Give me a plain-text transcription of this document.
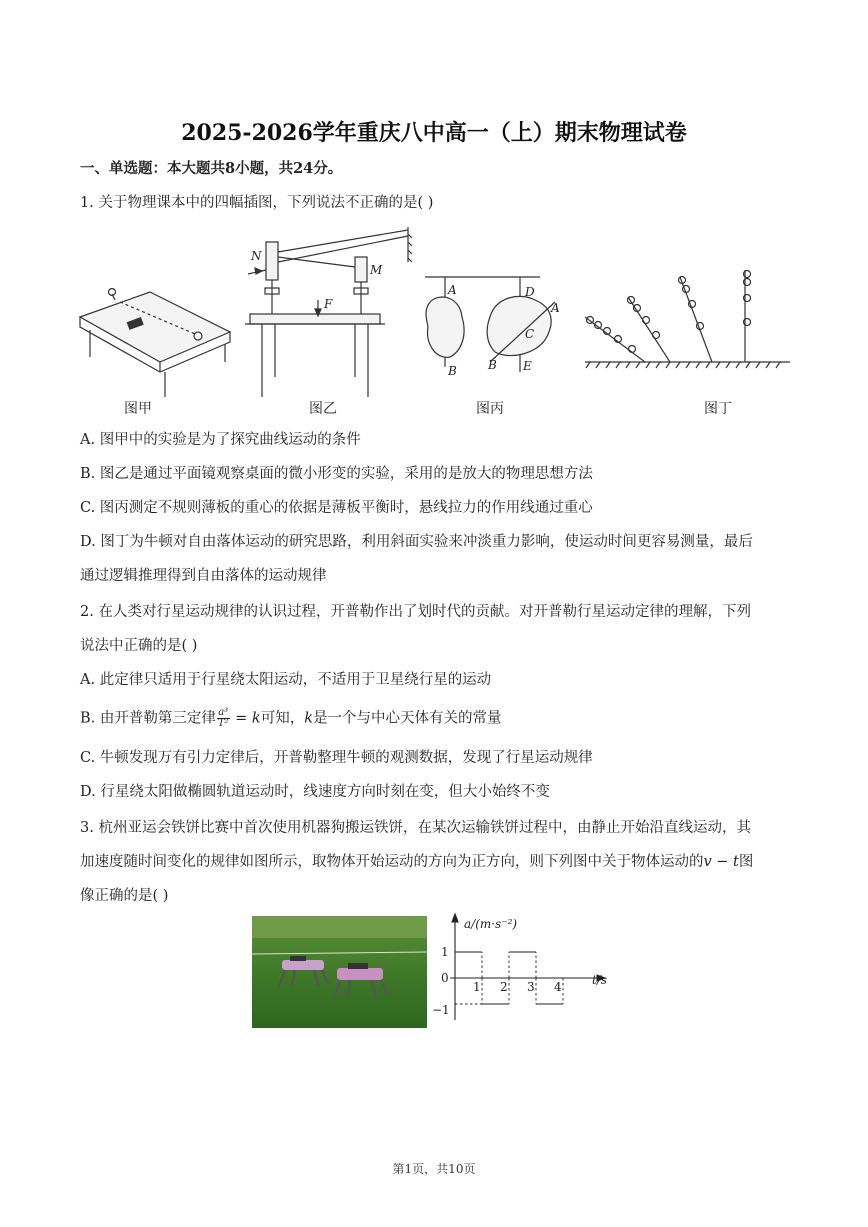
2025-2026学年重庆八中高一（上）期末物理试卷
一、单选题：本大题共8小题，共24分。
1. 关于物理课本中的四幅插图，下列说法不正确的是( )
N
M
F
A
B
D
A
C
B E
图甲	图乙	图丙	图丁
A. 图甲中的实验是为了探究曲线运动的条件
B. 图乙是通过平面镜观察桌面的微小形变的实验，采用的是放大的物理思想方法
C. 图丙测定不规则薄板的重心的依据是薄板平衡时，悬线拉力的作用线通过重心
D. 图丁为牛顿对自由落体运动的研究思路，利用斜面实验来冲淡重力影响，使运动时间更容易测量，最后
通过逻辑推理得到自由落体的运动规律
2. 在人类对行星运动规律的认识过程，开普勒作出了划时代的贡献。对开普勒行星运动定律的理解，下列
说法中正确的是( )
A. 此定律只适用于行星绕太阳运动，不适用于卫星绕行星的运动
B. 由开普勒第三定律 $\frac{\text{a³}}{\text{T²}} = k$可知，k是一个与中心天体有关的常量
C. 牛顿发现万有引力定律后，开普勒整理牛顿的观测数据，发现了行星运动规律
D. 行星绕太阳做椭圆轨道运动时，线速度方向时刻在变，但大小始终不变
3. 杭州亚运会铁饼比赛中首次使用机器狗搬运铁饼，在某次运输铁饼过程中，由静止开始沿直线运动，其
加速度随时间变化的规律如图所示，取物体开始运动的方向为正方向，则下列图中关于物体运动的v − t图
像正确的是( )
a/(m·s⁻²)
t/s
1
0
−1
1 2 3 4
第1页，共10页
